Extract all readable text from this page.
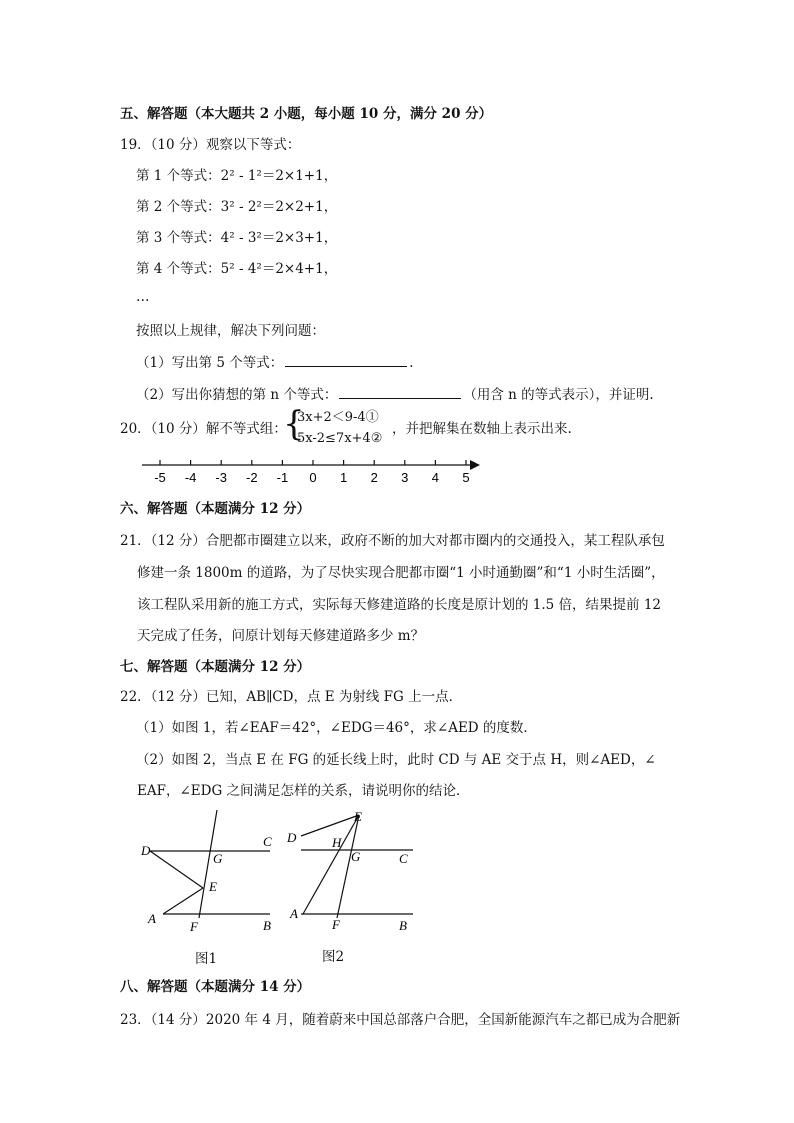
五、解答题（本大题共 2 小题，每小题 10 分，满分 20 分）
19．（10 分）观察以下等式：
第 1 个等式：2² - 1²＝2×1+1，
第 2 个等式：3² - 2²＝2×2+1，
第 3 个等式：4² - 3²＝2×3+1，
第 4 个等式：5² - 4²＝2×4+1，
…
按照以上规律，解决下列问题：
（1）写出第 5 个等式：	.
（2）写出你猜想的第 n 个等式：	（用含 n 的等式表示），并证明.
20．（10 分）解不等式组：
{
3x+2＜9-4①
5x-2≤7x+4②
，并把解集在数轴上表示出来.
-5 -4 -3 -2 -1 0 1 2 3 4 5
六、解答题（本题满分 12 分）
21．（12 分）合肥都市圈建立以来，政府不断的加大对都市圈内的交通投入，某工程队承包
修建一条 1800m 的道路，为了尽快实现合肥都市圈“1 小时通勤圈”和“1 小时生活圈”，
该工程队采用新的施工方式，实际每天修建道路的长度是原计划的 1.5 倍，结果提前 12
天完成了任务，问原计划每天修建道路多少 m？
七、解答题（本题满分 12 分）
22．（12 分）已知，AB∥CD，点 E 为射线 FG 上一点．
（1）如图 1，若∠EAF＝42°，∠EDG＝46°，求∠AED 的度数．
（2）如图 2，当点 E 在 FG 的延长线上时，此时 CD 与 AE 交于点 H，则∠AED，∠
EAF，∠EDG 之间满足怎样的关系，请说明你的结论．
D
G
C
E
A
F	B
图1
E
D	H
G	C
A
F	B
图2
八、解答题（本题满分 14 分）
23．（14 分）2020 年 4 月，随着蔚来中国总部落户合肥，全国新能源汽车之都已成为合肥新
